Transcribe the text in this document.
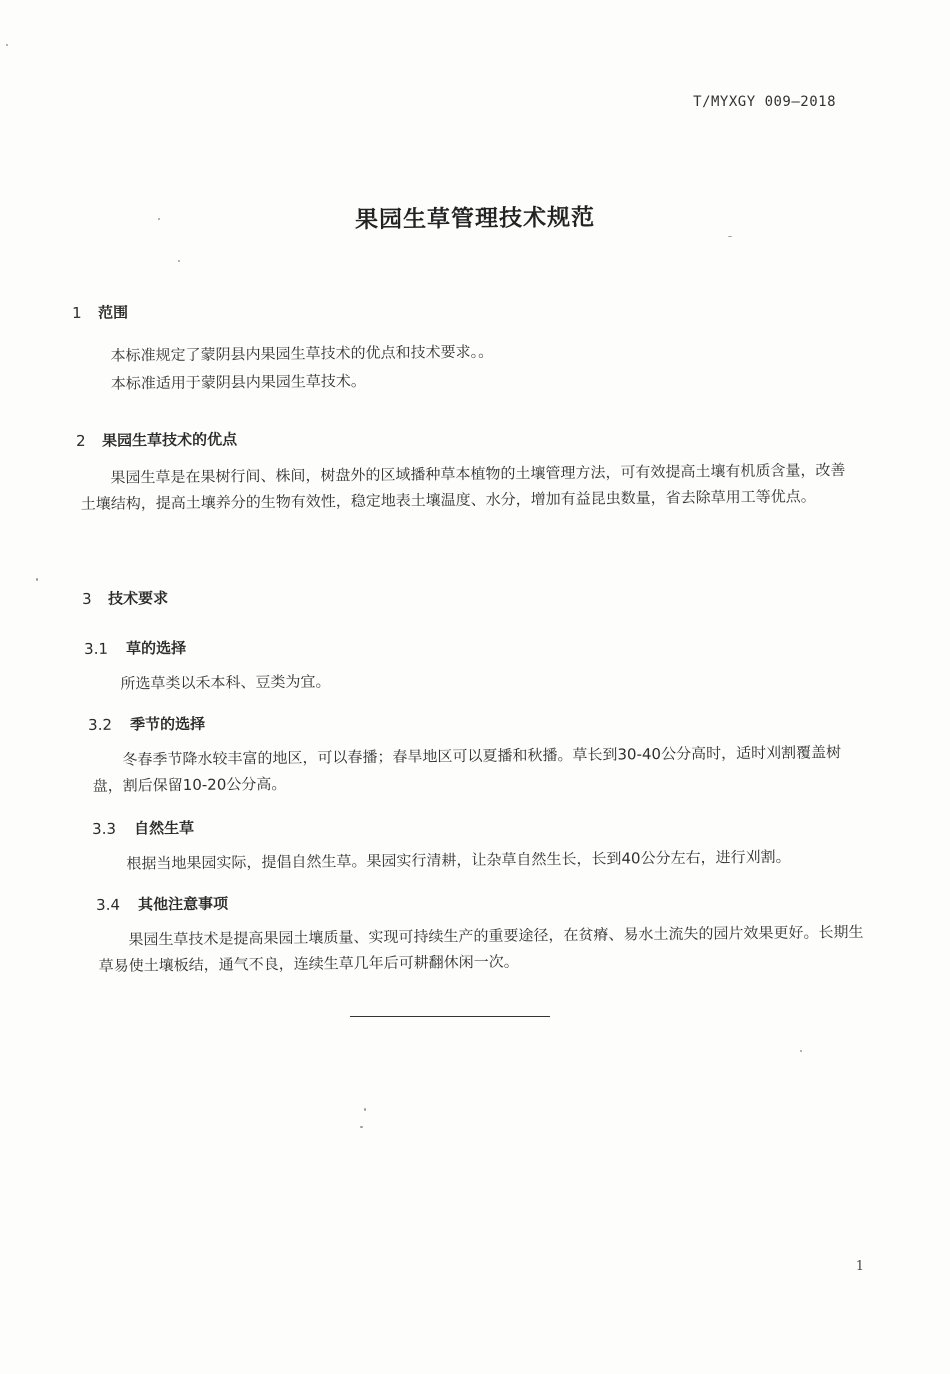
T/MYXGY 009—2018
果园生草管理技术规范
1 范围
本标准规定了蒙阴县内果园生草技术的优点和技术要求。。
本标准适用于蒙阴县内果园生草技术。
2 果园生草技术的优点
果园生草是在果树行间、株间，树盘外的区域播种草本植物的土壤管理方法，可有效提高土壤有机质含量，改善土壤结构，提高土壤养分的生物有效性，稳定地表土壤温度、水分，增加有益昆虫数量，省去除草用工等优点。
3 技术要求
3.1 草的选择
所选草类以禾本科、豆类为宜。
3.2 季节的选择
冬春季节降水较丰富的地区，可以春播；春旱地区可以夏播和秋播。草长到30-40公分高时，适时刈割覆盖树盘，割后保留10-20公分高。
3.3 自然生草
根据当地果园实际，提倡自然生草。果园实行清耕，让杂草自然生长，长到40公分左右，进行刈割。
3.4 其他注意事项
果园生草技术是提高果园土壤质量、实现可持续生产的重要途径，在贫瘠、易水土流失的园片效果更好。长期生草易使土壤板结，通气不良，连续生草几年后可耕翻休闲一次。
1
